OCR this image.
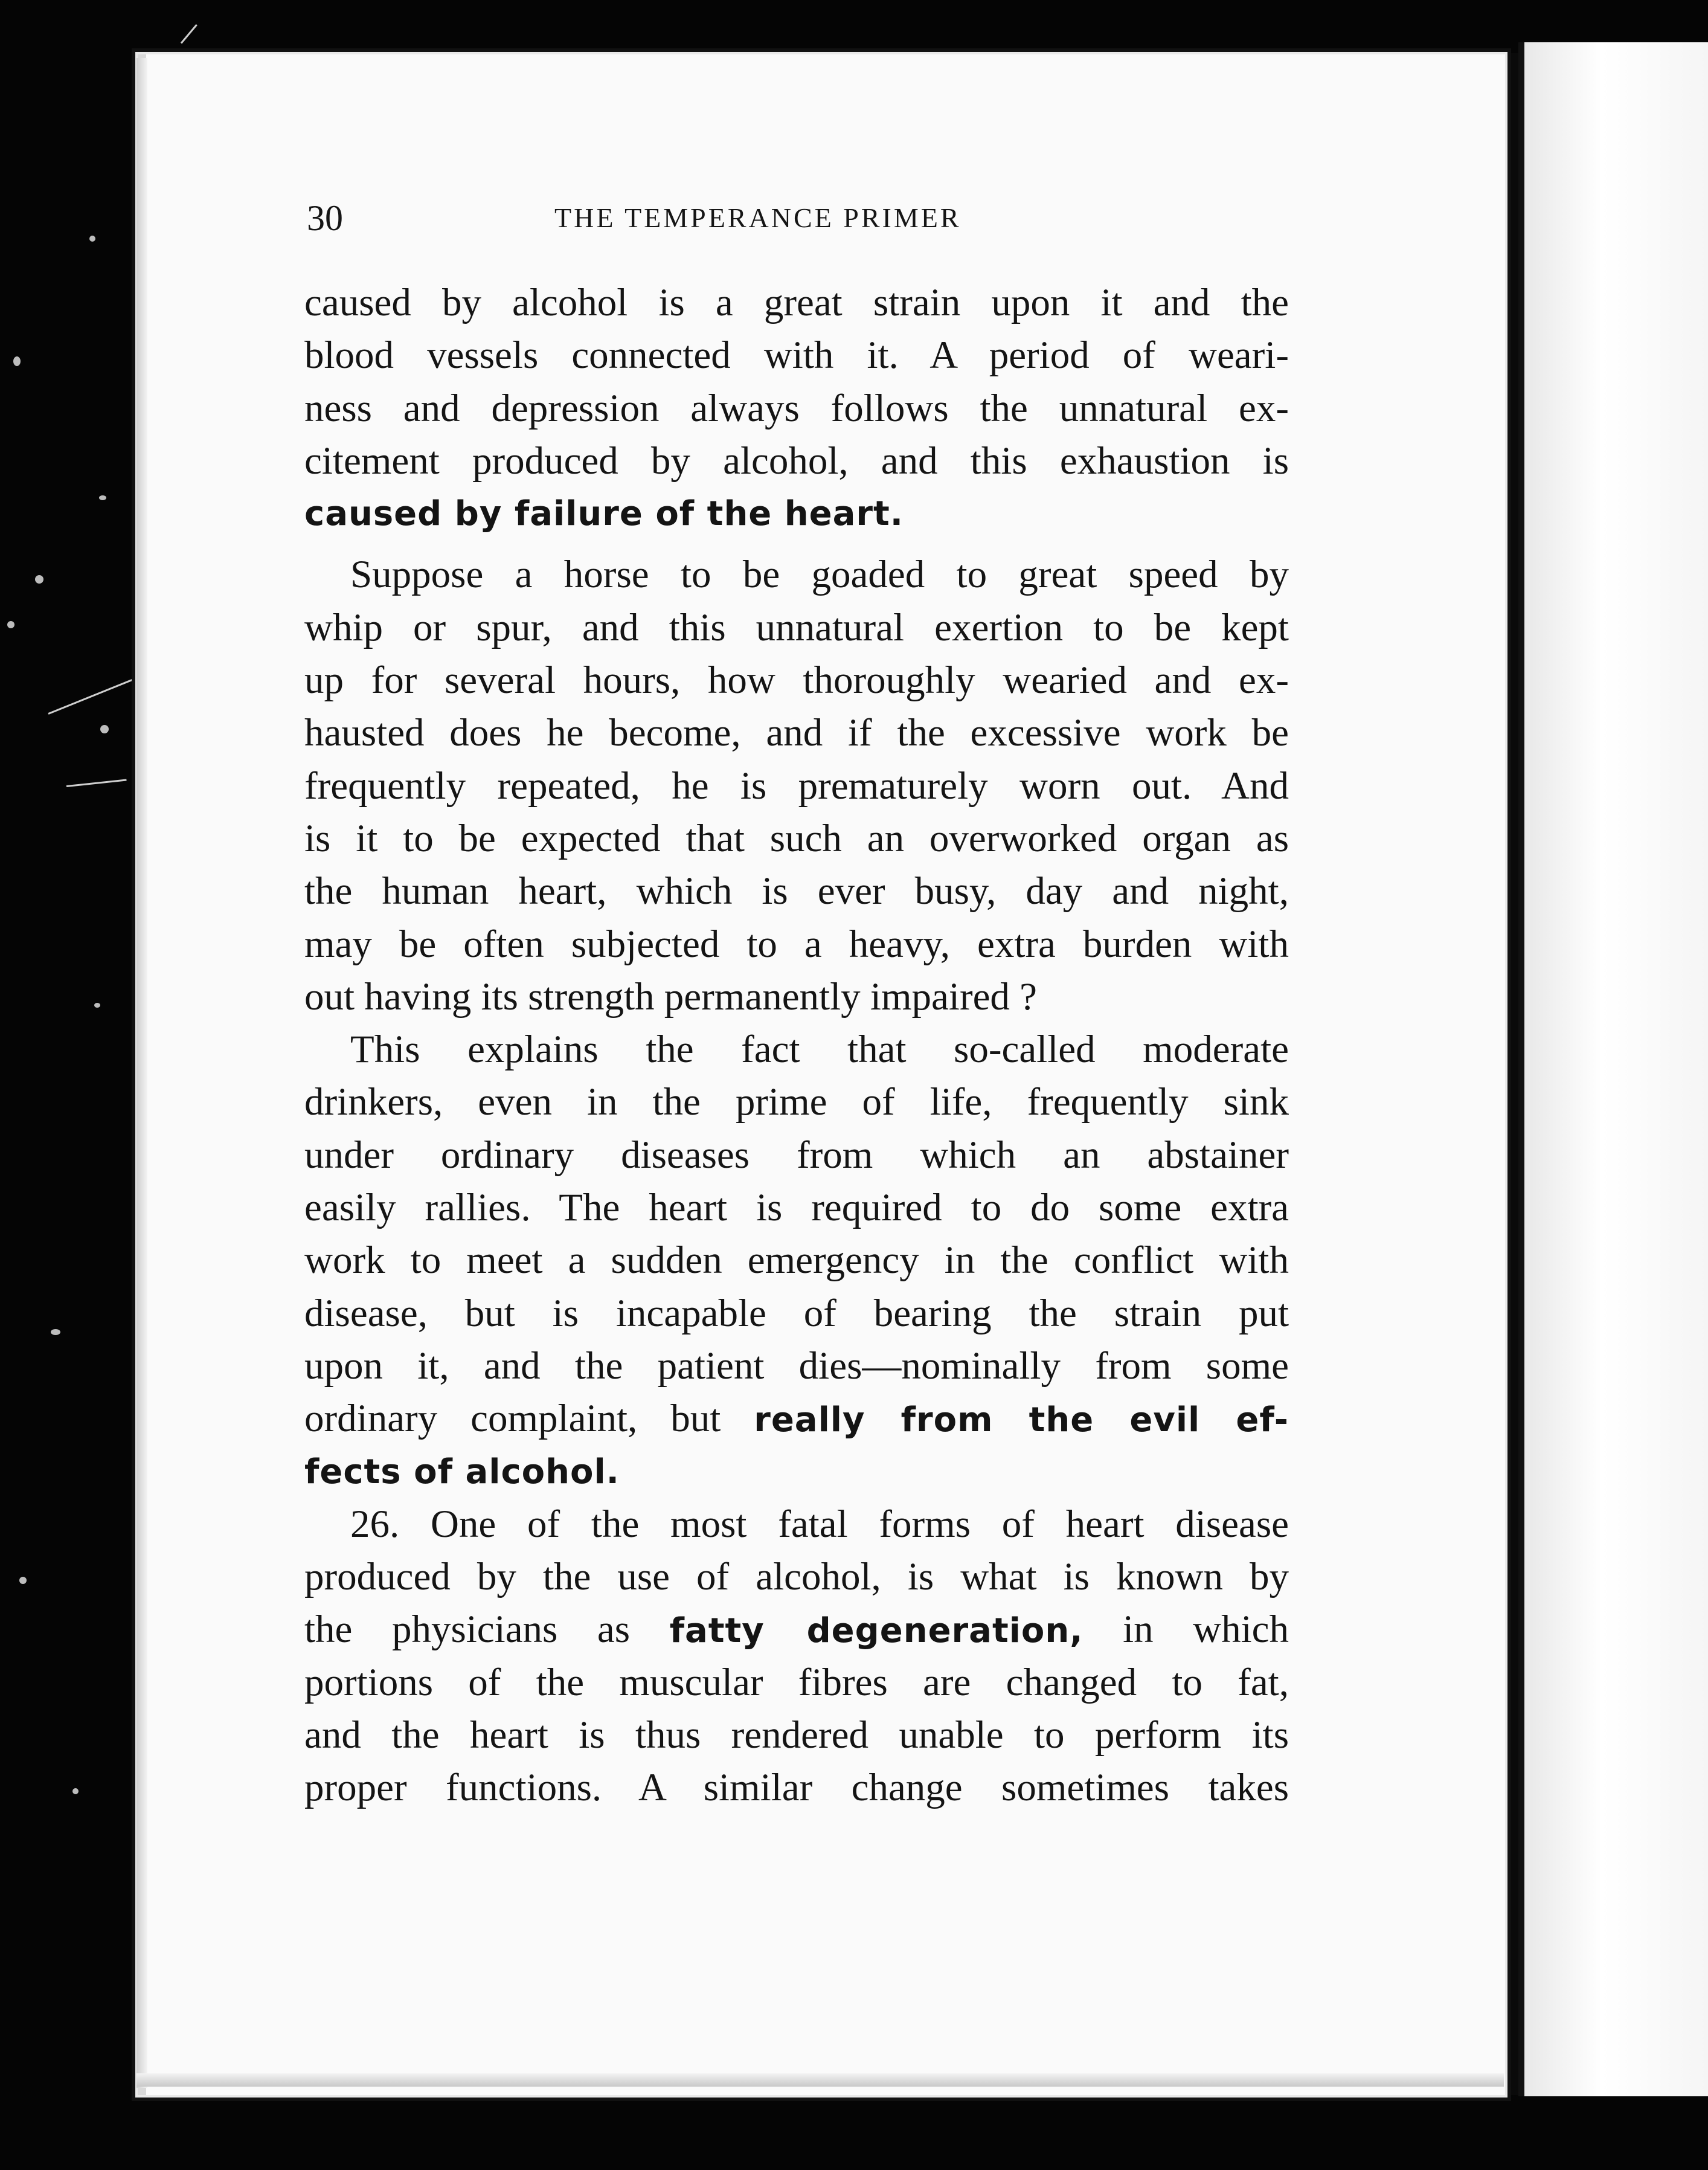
30	THE TEMPERANCE PRIMER
caused by alcohol is a great strain upon it and the
blood vessels connected with it. A period of weari-
ness and depression always follows the unnatural ex-
citement produced by alcohol, and this exhaustion is
caused by failure of the heart.
Suppose a horse to be goaded to great speed by
whip or spur, and this unnatural exertion to be kept
up for several hours, how thoroughly wearied and ex-
hausted does he become, and if the excessive work be
frequently repeated, he is prematurely worn out. And
is it to be expected that such an overworked organ as
the human heart, which is ever busy, day and night,
may be often subjected to a heavy, extra burden with
out having its strength permanently impaired ?
This explains the fact that so-called moderate
drinkers, even in the prime of life, frequently sink
under ordinary diseases from which an abstainer
easily rallies. The heart is required to do some extra
work to meet a sudden emergency in the conflict with
disease, but is incapable of bearing the strain put
upon it, and the patient dies—nominally from some
ordinary complaint, but really from the evil ef-
fects of alcohol.
26. One of the most fatal forms of heart disease
produced by the use of alcohol, is what is known by
the physicians as fatty degeneration, in which
portions of the muscular fibres are changed to fat,
and the heart is thus rendered unable to perform its
proper functions. A similar change sometimes takes
